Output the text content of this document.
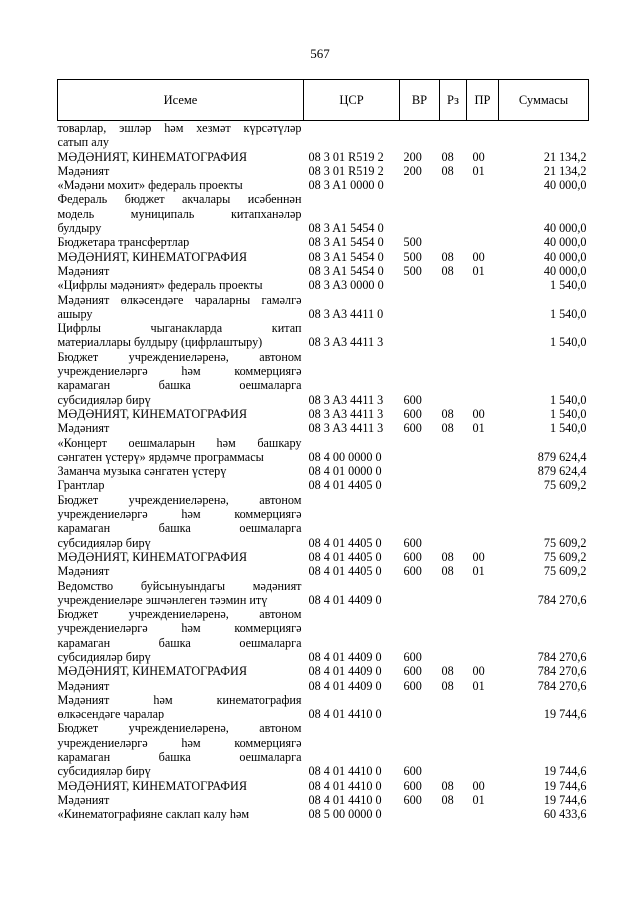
567
Исеме	ЦСР	ВР	Рз	ПР	Суммасы

товарлар, эшләр һәм хезмәт күрсәтүләр
сатып алу					

МӘДӘНИЯТ, КИНЕМАТОГРАФИЯ	08 3 01 R519 2	200	08	00	21 134,2

Мәдәният	08 3 01 R519 2	200	08	01	21 134,2

«Мәдәни мохит» федераль проекты	08 3 A1 0000 0				40 000,0

Федераль бюджет акчалары исәбеннән
модель муниципаль китапханәләр
булдыру	08 3 A1 5454 0				40 000,0

Бюджетара трансфертлар	08 3 A1 5454 0	500			40 000,0

МӘДӘНИЯТ, КИНЕМАТОГРАФИЯ	08 3 A1 5454 0	500	08	00	40 000,0

Мәдәният	08 3 A1 5454 0	500	08	01	40 000,0

«Цифрлы мәдәният» федераль проекты	08 3 A3 0000 0				1 540,0

Мәдәният өлкәсендәге чараларны гамәлгә
ашыру	08 3 A3 4411 0				1 540,0

Цифрлы чыганакларда китап
материаллары булдыру (цифрлаштыру)	08 3 A3 4411 3				1 540,0

Бюджет учреждениеләренә, автоном
учреждениеләргә һәм коммерциягә
карамаган башка оешмаларга
субсидияләр бирү	08 3 A3 4411 3	600			1 540,0

МӘДӘНИЯТ, КИНЕМАТОГРАФИЯ	08 3 A3 4411 3	600	08	00	1 540,0

Мәдәният	08 3 A3 4411 3	600	08	01	1 540,0

«Концерт оешмаларын һәм башкару
сәнгатен үстерү» ярдәмче программасы	08 4 00 0000 0				879 624,4

Заманча музыка сәнгатен үстерү	08 4 01 0000 0				879 624,4

Грантлар	08 4 01 4405 0				75 609,2

Бюджет учреждениеләренә, автоном
учреждениеләргә һәм коммерциягә
карамаган башка оешмаларга
субсидияләр бирү	08 4 01 4405 0	600			75 609,2

МӘДӘНИЯТ, КИНЕМАТОГРАФИЯ	08 4 01 4405 0	600	08	00	75 609,2

Мәдәният	08 4 01 4405 0	600	08	01	75 609,2

Ведомство буйсынуындагы мәдәният
учреждениеләре эшчәнлеген тәэмин итү	08 4 01 4409 0				784 270,6

Бюджет учреждениеләренә, автоном
учреждениеләргә һәм коммерциягә
карамаган башка оешмаларга
субсидияләр бирү	08 4 01 4409 0	600			784 270,6

МӘДӘНИЯТ, КИНЕМАТОГРАФИЯ	08 4 01 4409 0	600	08	00	784 270,6

Мәдәният	08 4 01 4409 0	600	08	01	784 270,6

Мәдәният һәм кинематография
өлкәсендәге чаралар	08 4 01 4410 0				19 744,6

Бюджет учреждениеләренә, автоном
учреждениеләргә һәм коммерциягә
карамаган башка оешмаларга
субсидияләр бирү	08 4 01 4410 0	600			19 744,6

МӘДӘНИЯТ, КИНЕМАТОГРАФИЯ	08 4 01 4410 0	600	08	00	19 744,6

Мәдәният	08 4 01 4410 0	600	08	01	19 744,6

«Кинематографияне саклап калу һәм	08 5 00 0000 0				60 433,6
